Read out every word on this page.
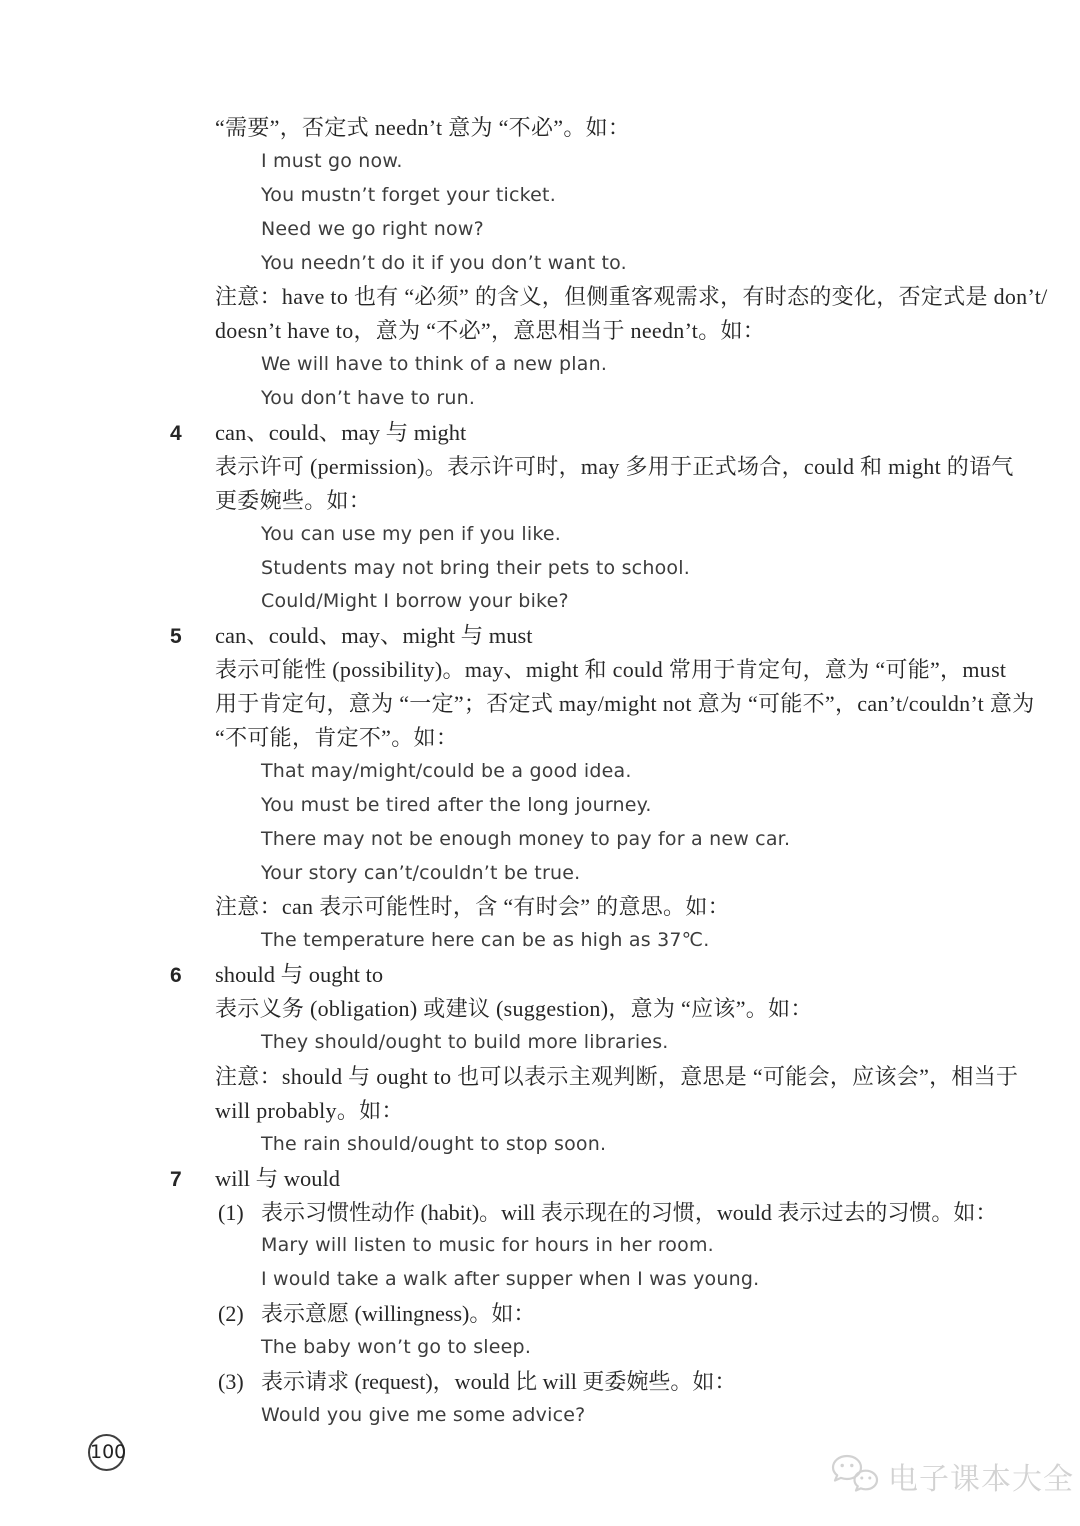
“需要”，否定式 needn’t 意为 “不必”。如：
I must go now.
You mustn’t forget your ticket.
Need we go right now?
You needn’t do it if you don’t want to.
注意：have to 也有 “必须” 的含义，但侧重客观需求，有时态的变化，否定式是 don’t/
doesn’t have to，意为 “不必”，意思相当于 needn’t。如：
We will have to think of a new plan.
You don’t have to run.
4 can、could、may 与 might
表示许可 (permission)。表示许可时，may 多用于正式场合，could 和 might 的语气
更委婉些。如：
You can use my pen if you like.
Students may not bring their pets to school.
Could/Might I borrow your bike?
5 can、could、may、might 与 must
表示可能性 (possibility)。may、might 和 could 常用于肯定句，意为 “可能”，must
用于肯定句，意为 “一定”；否定式 may/might not 意为 “可能不”，can’t/couldn’t 意为
“不可能，肯定不”。如：
That may/might/could be a good idea.
You must be tired after the long journey.
There may not be enough money to pay for a new car.
Your story can’t/couldn’t be true.
注意：can 表示可能性时，含 “有时会” 的意思。如：
The temperature here can be as high as 37℃.
6 should 与 ought to
表示义务 (obligation) 或建议 (suggestion)，意为 “应该”。如：
They should/ought to build more libraries.
注意：should 与 ought to 也可以表示主观判断，意思是 “可能会，应该会”，相当于
will probably。如：
The rain should/ought to stop soon.
7 will 与 would
(1) 表示习惯性动作 (habit)。will 表示现在的习惯，would 表示过去的习惯。如：
Mary will listen to music for hours in her room.
I would take a walk after supper when I was young.
(2) 表示意愿 (willingness)。如：
The baby won’t go to sleep.
(3) 表示请求 (request)，would 比 will 更委婉些。如：
Would you give me some advice?
100
电子课本大全
